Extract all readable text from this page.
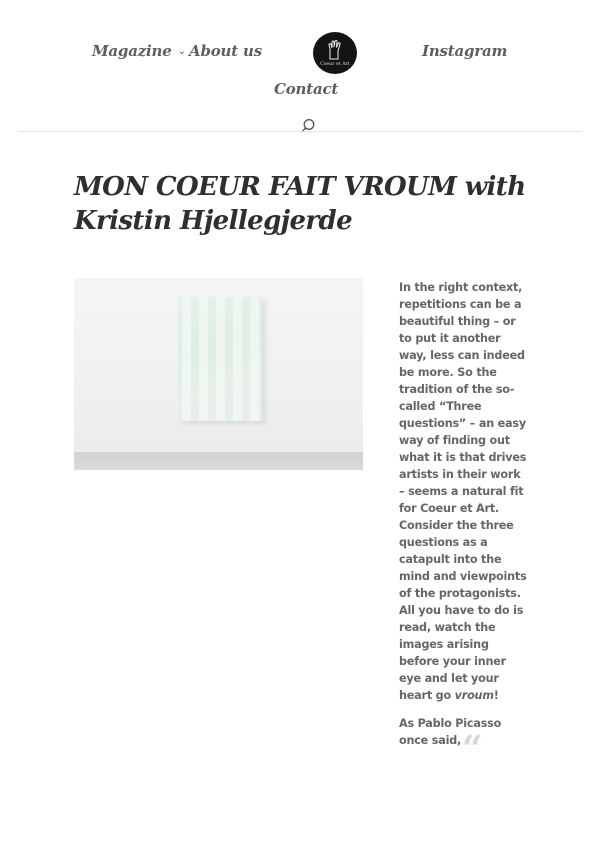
Magazine ⌄ About us
Coeur et Art
Instagram
Contact
MON COEUR FAIT VROUM with
Kristin Hjellegjerde

In the right context, repetitions can be a beautiful thing – or to put it another way, less can indeed be more. So the tradition of the so-called “Three questions” – an easy way of finding out what it is that drives artists in their work – seems a natural fit for Coeur et Art. Consider the three questions as a catapult into the mind and viewpoints of the protagonists. All you have to do is read, watch the images arising before your inner eye and let your heart go vroum!

As Pablo Picasso once said, “
